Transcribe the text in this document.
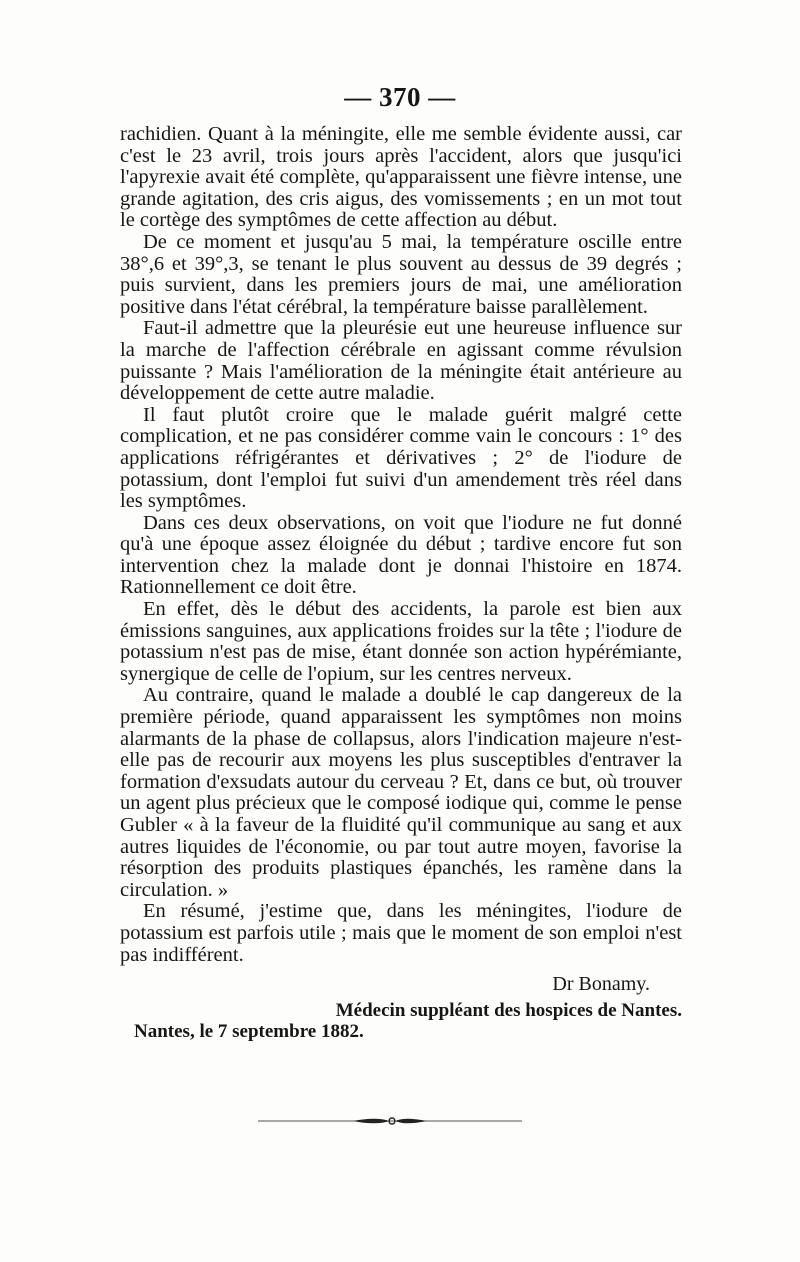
— 370 —

rachidien. Quant à la méningite, elle me semble évidente aussi, car c'est le 23 avril, trois jours après l'accident, alors que jusqu'ici l'apyrexie avait été complète, qu'apparaissent une fièvre intense, une grande agitation, des cris aigus, des vomissements ; en un mot tout le cortège des symptômes de cette affection au début.

De ce moment et jusqu'au 5 mai, la température oscille entre 38°,6 et 39°,3, se tenant le plus souvent au dessus de 39 degrés ; puis survient, dans les premiers jours de mai, une amélioration positive dans l'état cérébral, la température baisse parallèlement.

Faut-il admettre que la pleurésie eut une heureuse influence sur la marche de l'affection cérébrale en agissant comme révulsion puissante ? Mais l'amélioration de la méningite était antérieure au développement de cette autre maladie.

Il faut plutôt croire que le malade guérit malgré cette complication, et ne pas considérer comme vain le concours : 1° des applications réfrigérantes et dérivatives ; 2° de l'iodure de potassium, dont l'emploi fut suivi d'un amendement très réel dans les symptômes.

Dans ces deux observations, on voit que l'iodure ne fut donné qu'à une époque assez éloignée du début ; tardive encore fut son intervention chez la malade dont je donnai l'histoire en 1874. Rationnellement ce doit être.

En effet, dès le début des accidents, la parole est bien aux émissions sanguines, aux applications froides sur la tête ; l'iodure de potassium n'est pas de mise, étant donnée son action hypérémiante, synergique de celle de l'opium, sur les centres nerveux.

Au contraire, quand le malade a doublé le cap dangereux de la première période, quand apparaissent les symptômes non moins alarmants de la phase de collapsus, alors l'indication majeure n'est-elle pas de recourir aux moyens les plus susceptibles d'entraver la formation d'exsudats autour du cerveau ? Et, dans ce but, où trouver un agent plus précieux que le composé iodique qui, comme le pense Gubler « à la faveur de la fluidité qu'il communique au sang et aux autres liquides de l'économie, ou par tout autre moyen, favorise la résorption des produits plastiques épanchés, les ramène dans la circulation. »

En résumé, j'estime que, dans les méningites, l'iodure de potassium est parfois utile ; mais que le moment de son emploi n'est pas indifférent.

Dr Bonamy.

Médecin suppléant des hospices de Nantes.

Nantes, le 7 septembre 1882.
